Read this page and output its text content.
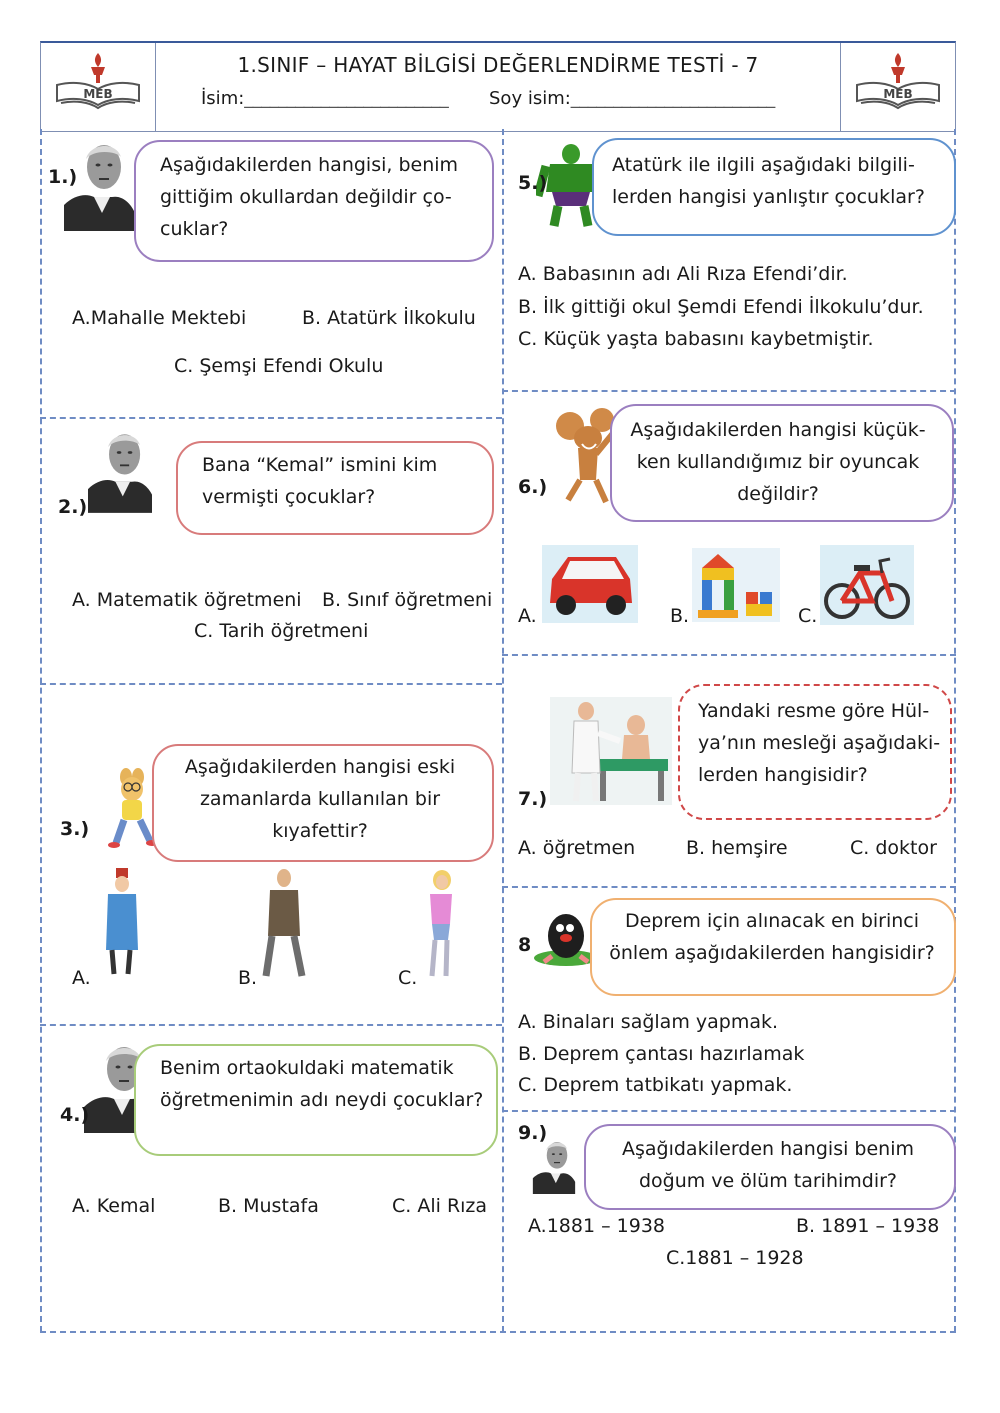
MEB
1.SINIF – HAYAT BİLGİSİ DEĞERLENDİRME TESTİ - 7
İsim:________________________ Soy isim:________________________	MEB
1.)
Aşağıdakilerden hangisi, benim
gittiğim okullardan değildir ço-
cuklar?
A.Mahalle Mektebi	B. Atatürk İlkokulu
C. Şemşi Efendi Okulu
2.)
Bana “Kemal” ismini kim
vermişti çocuklar?
A. Matematik öğretmeni B. Sınıf öğretmeni
C. Tarih öğretmeni
3.)
Aşağıdakilerden hangisi eski
zamanlarda kullanılan bir
kıyafettir?
A.	B.	C.
4.)
Benim ortaokuldaki matematik
öğretmenimin adı neydi çocuklar?
A. Kemal	B. Mustafa	C. Ali Rıza
5.)
Atatürk ile ilgili aşağıdaki bilgili-
lerden hangisi yanlıştır çocuklar?
A. Babasının adı Ali Rıza Efendi’dir.
B. İlk gittiği okul Şemdi Efendi İlkokulu’dur.
C. Küçük yaşta babasını kaybetmiştir.
6.)
Aşağıdakilerden hangisi küçük-
ken kullandığımız bir oyuncak
değildir?
A.	B.	C.
7.)
Yandaki resme göre Hül-
ya’nın mesleği aşağıdaki-
lerden hangisidir?
A. öğretmen	B. hemşire	C. doktor
8
Deprem için alınacak en birinci
önlem aşağıdakilerden hangisidir?
A. Binaları sağlam yapmak.
B. Deprem çantası hazırlamak
C. Deprem tatbikatı yapmak.
9.)
Aşağıdakilerden hangisi benim
doğum ve ölüm tarihimdir?
A.1881 – 1938	B. 1891 – 1938
C.1881 – 1928
